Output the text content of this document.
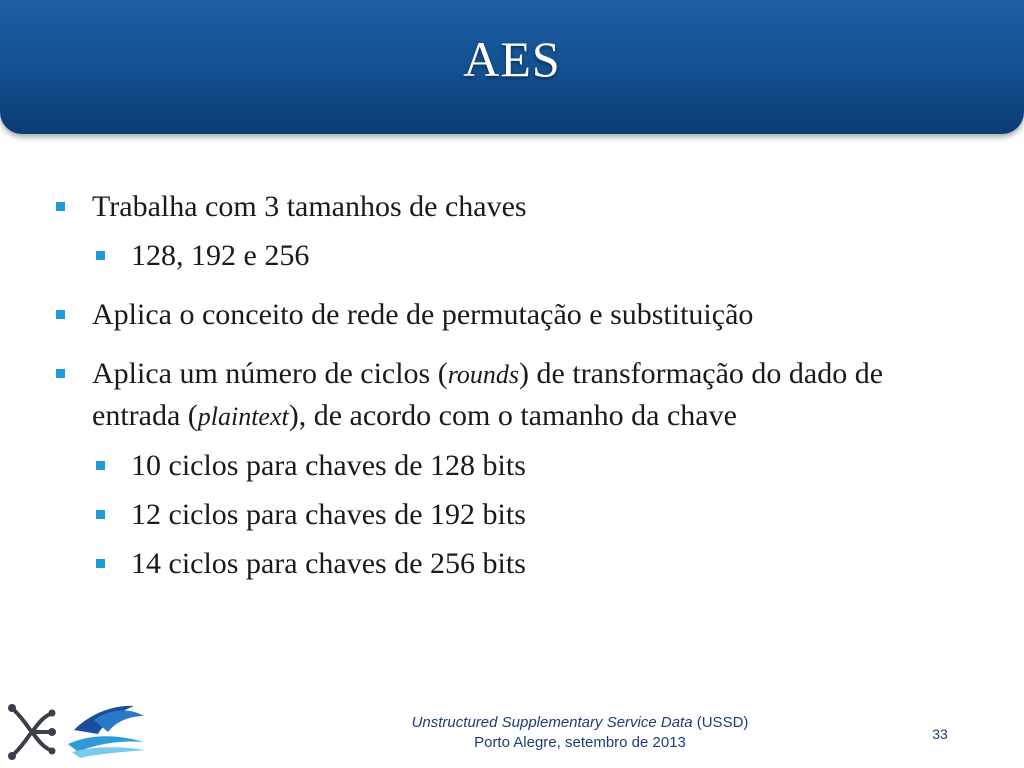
AES
Trabalha com 3 tamanhos de chaves
128, 192 e 256
Aplica o conceito de rede de permutação e substituição
Aplica um número de ciclos (rounds) de transformação do dado de entrada (plaintext), de acordo com o tamanho da chave
10 ciclos para chaves de 128 bits
12 ciclos para chaves de 192 bits
14 ciclos para chaves de 256 bits
Unstructured Supplementary Service Data (USSD)
Porto Alegre, setembro de 2013	33
